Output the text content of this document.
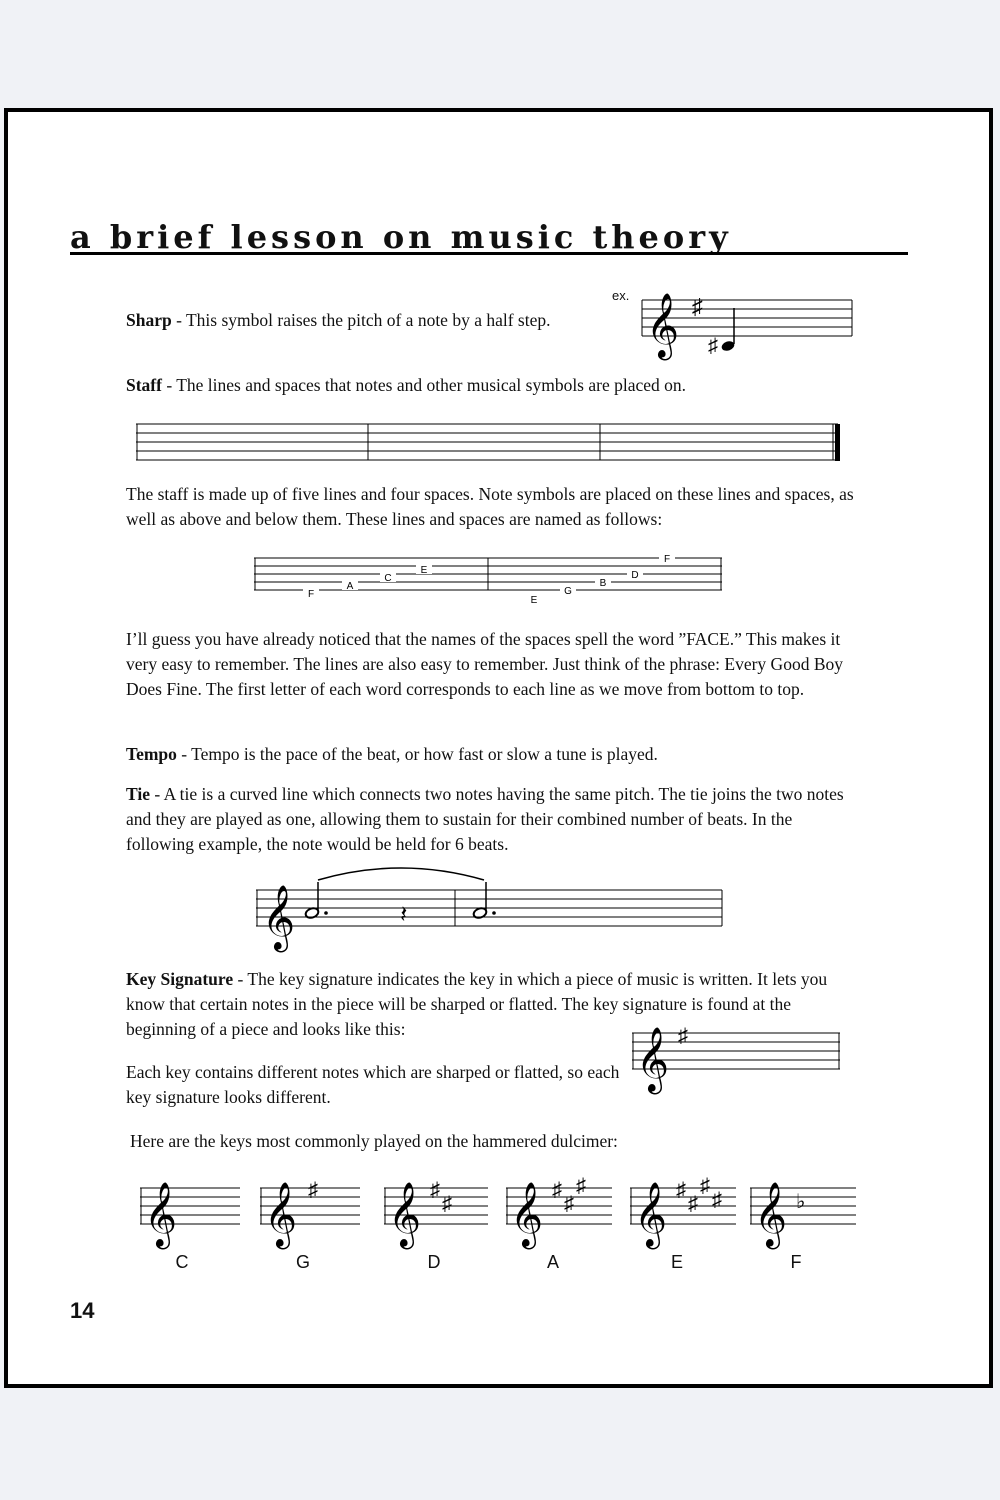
a brief lesson on music theory
Sharp - This symbol raises the pitch of a note by a half step.
ex. 𝄞 ♯
♯
Staff - The lines and spaces that notes and other musical symbols are placed on.
The staff is made up of five lines and four spaces. Note symbols are placed on these lines and spaces, as well as above and below them. These lines and spaces are named as follows:
F
A
C
E
E
G
B
D
F
I’ll guess you have already noticed that the names of the spaces spell the word ”FACE.” This makes it very easy to remember. The lines are also easy to remember. Just think of the phrase: Every Good Boy Does Fine. The first letter of each word corresponds to each line as we move from bottom to top.
Tempo - Tempo is the pace of the beat, or how fast or slow a tune is played.
Tie - A tie is a curved line which connects two notes having the same pitch. The tie joins the two notes and they are played as one, allowing them to sustain for their combined number of beats. In the following example, the note would be held for 6 beats.
𝄞	𝄽
Key Signature - The key signature indicates the key in which a piece of music is written. It lets you know that certain notes in the piece will be sharped or flatted. The key signature is found at the beginning of a piece and looks like this:
Each key contains different notes which are sharped or flatted, so each key signature looks different.
𝄞 ♯
Here are the keys most commonly played on the hammered dulcimer:
𝄞 𝄞 𝄞 𝄞 𝄞 𝄞
♯	♯
♯
♯
♯
♯	♯
♯
♯
♯	♭
C	G	D	A	E	F
14
